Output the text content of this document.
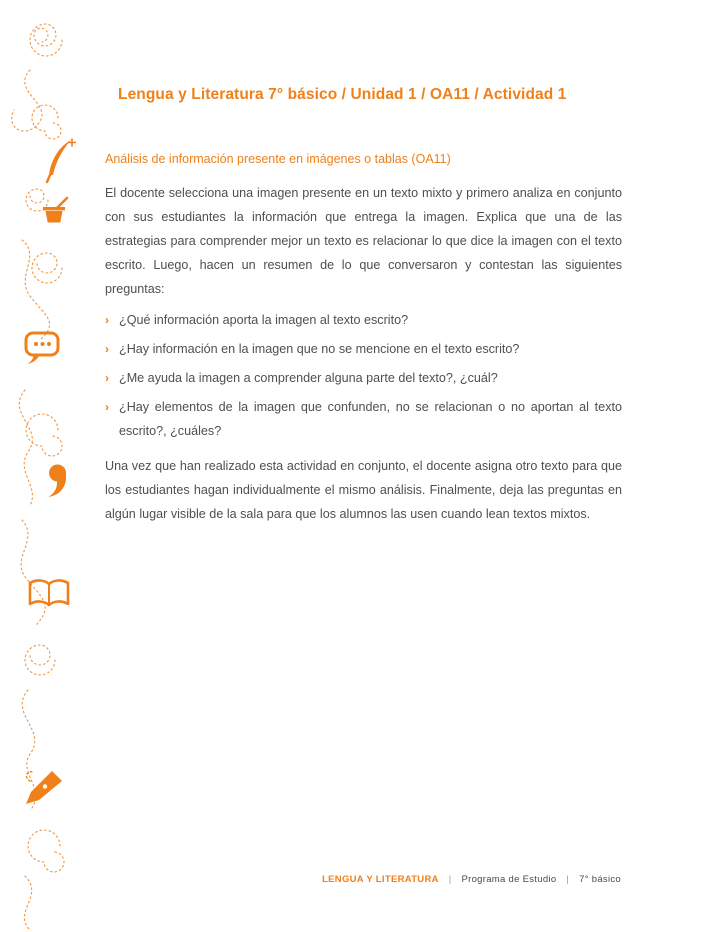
Lengua y Literatura 7° básico / Unidad 1 / OA11 / Actividad 1
Análisis de información presente en imágenes o tablas (OA11)

El docente selecciona una imagen presente en un texto mixto y primero analiza en conjunto con sus estudiantes la información que entrega la imagen. Explica que una de las estrategias para comprender mejor un texto es relacionar lo que dice la imagen con el texto escrito. Luego, hacen un resumen de lo que conversaron y contestan las siguientes preguntas:

› ¿Qué información aporta la imagen al texto escrito?
› ¿Hay información en la imagen que no se mencione en el texto escrito?
› ¿Me ayuda la imagen a comprender alguna parte del texto?, ¿cuál?
› ¿Hay elementos de la imagen que confunden, no se relacionan o no aportan al texto escrito?, ¿cuáles?

Una vez que han realizado esta actividad en conjunto, el docente asigna otro texto para que los estudiantes hagan individualmente el mismo análisis. Finalmente, deja las preguntas en algún lugar visible de la sala para que los alumnos las usen cuando lean textos mixtos.

LENGUA Y LITERATURA | Programa de Estudio | 7° básico
